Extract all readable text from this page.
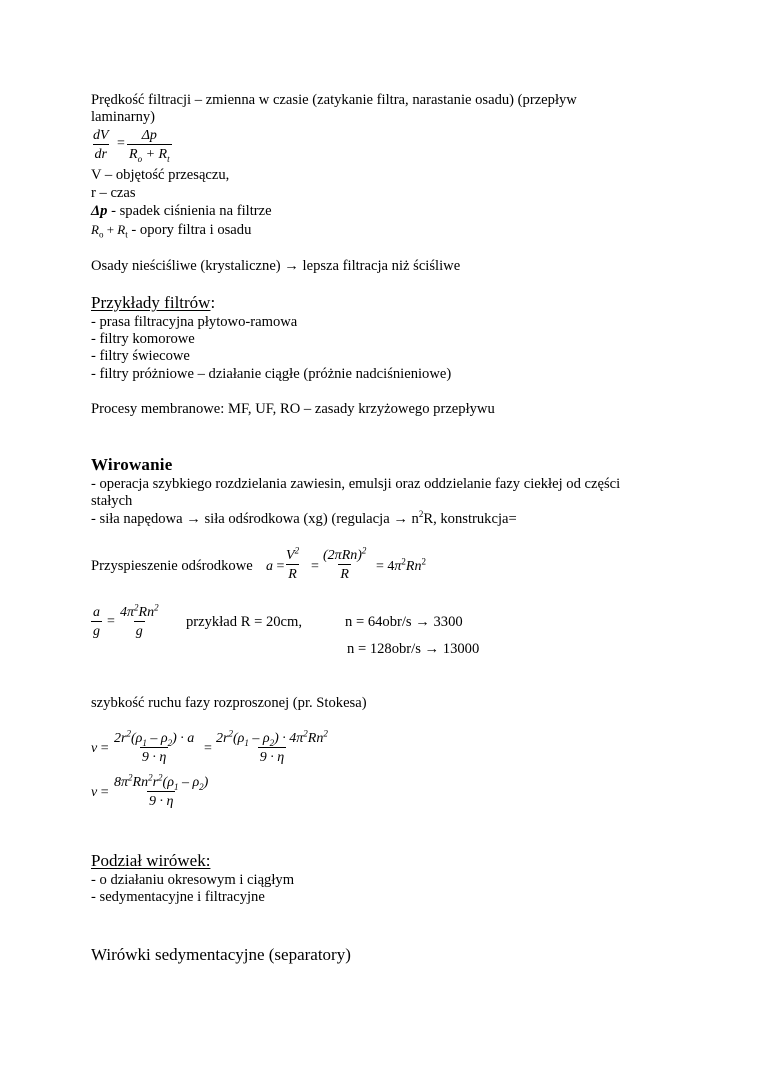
Prędkość filtracji – zmienna w czasie (zatykanie filtra, narastanie osadu) (przepływ
laminarny)
$\frac{dV}{dr} = \frac{\Delta p}{R_o + R_t}$
V – objętość przesączu,
r – czas
Δp - spadek ciśnienia na filtrze
$R_o + R_t$ - opory filtra i osadu
Osady nieściśliwe (krystaliczne) → lepsza filtracja niż ściśliwe
Przykłady filtrów:
- prasa filtracyjna płytowo-ramowa
- filtry komorowe
- filtry świecowe
- filtry próżniowe – działanie ciągłe (próżnie nadciśnieniowe)
Procesy membranowe: MF, UF, RO – zasady krzyżowego przepływu
Wirowanie
- operacja szybkiego rozdzielania zawiesin, emulsji oraz oddzielanie fazy ciekłej od części
stałych
- siła napędowa → siła odśrodkowa (xg) (regulacja → $n^2R$, konstrukcja=
Przyspieszenie odśrodkowe $a = \frac{V^2}{R}$ =
$(2\pi Rn)^2$
R
= $4\pi^2Rn^2$
$\frac{a}{g} = \frac{4\pi^2Rn^2}{g}$ przykład R = 20cm,	n = 64obr/s → 3300
n = 128obr/s → 13000
szybkość ruchu fazy rozproszonej (pr. Stokesa)
$v = \frac{2r^2(\rho_1 - \rho_2) \cdot a}{9 \cdot \eta} = \frac{2r^2(\rho_1 - \rho_2) \cdot 4\pi^2Rn^2}{9 \cdot \eta}$
$v = \frac{8\pi^2Rn^2r^2(\rho_1 - \rho_2)}{9 \cdot \eta}$
Podział wirówek:
- o działaniu okresowym i ciągłym
- sedymentacyjne i filtracyjne
Wirówki sedymentacyjne (separatory)
